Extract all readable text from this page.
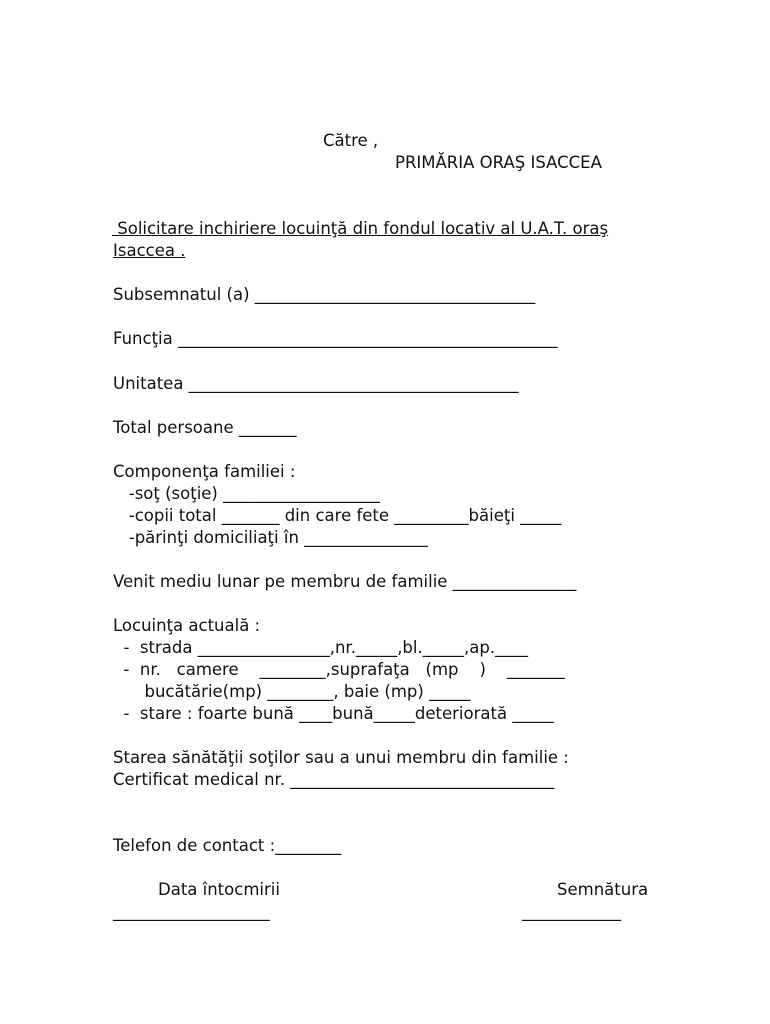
Către ,
PRIMĂRIA ORAŞ ISACCEA
Solicitare inchiriere locuinţă din fondul locativ al U.A.T. oraş
Isaccea .
Subsemnatul (a) __________________________________
Funcţia ______________________________________________
Unitatea ________________________________________
Total persoane _______
Componenţa familiei :
-soţ (soţie) ___________________
-copii total _______ din care fete _________băieţi _____
-părinţi domiciliaţi în _______________
Venit mediu lunar pe membru de familie _______________
Locuinţa actuală :
-  strada ________________,nr._____,bl._____,ap.____
-  nr.   camere    ________,suprafaţa   (mp    )    _______
bucătărie(mp) ________, baie (mp) _____
-  stare : foarte bună ____bună_____deteriorată _____
Starea sănătăţii soţilor sau a unui membru din familie :
Certificat medical nr. ________________________________
Telefon de contact :________
Data întocmirii	Semnătura
___________________	____________
